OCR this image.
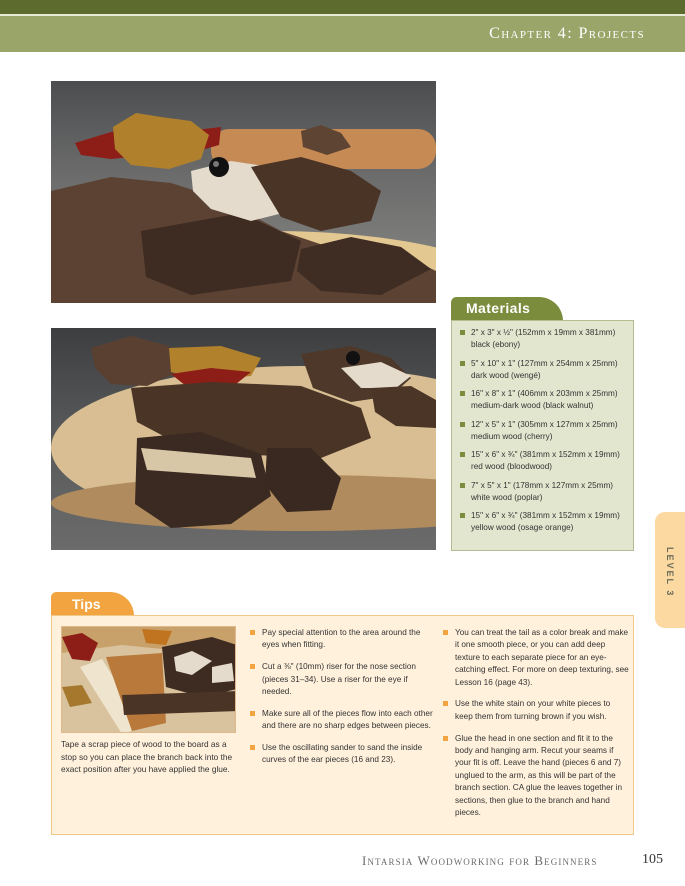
Chapter 4: Projects
Materials
2" x 3" x ½" (152mm x 19mm x 381mm) black (ebony)
5" x 10" x 1" (127mm x 254mm x 25mm) dark wood (wengé)
16" x 8" x 1" (406mm x 203mm x 25mm) medium-dark wood (black walnut)
12" x 5" x 1" (305mm x 127mm x 25mm) medium wood (cherry)
15" x 6" x ¾" (381mm x 152mm x 19mm) red wood (bloodwood)
7" x 5" x 1" (178mm x 127mm x 25mm) white wood (poplar)
15" x 6" x ¾" (381mm x 152mm x 19mm) yellow wood (osage orange)
LEVEL 3
Tips
Tape a scrap piece of wood to the board as a stop so you can place the branch back into the exact position after you have applied the glue.
Pay special attention to the area around the eyes when fitting.
Cut a ⅜" (10mm) riser for the nose section (pieces 31–34). Use a riser for the eye if needed.
Make sure all of the pieces flow into each other and there are no sharp edges between pieces.
Use the oscillating sander to sand the inside curves of the ear pieces (16 and 23).
You can treat the tail as a color break and make it one smooth piece, or you can add deep texture to each separate piece for an eye-catching effect. For more on deep texturing, see Lesson 16 (page 43).
Use the white stain on your white pieces to keep them from turning brown if you wish.
Glue the head in one section and fit it to the body and hanging arm. Recut your seams if your fit is off. Leave the hand (pieces 6 and 7) unglued to the arm, as this will be part of the branch section. CA glue the leaves together in sections, then glue to the branch and hand pieces.
Intarsia Woodworking for Beginners	105
